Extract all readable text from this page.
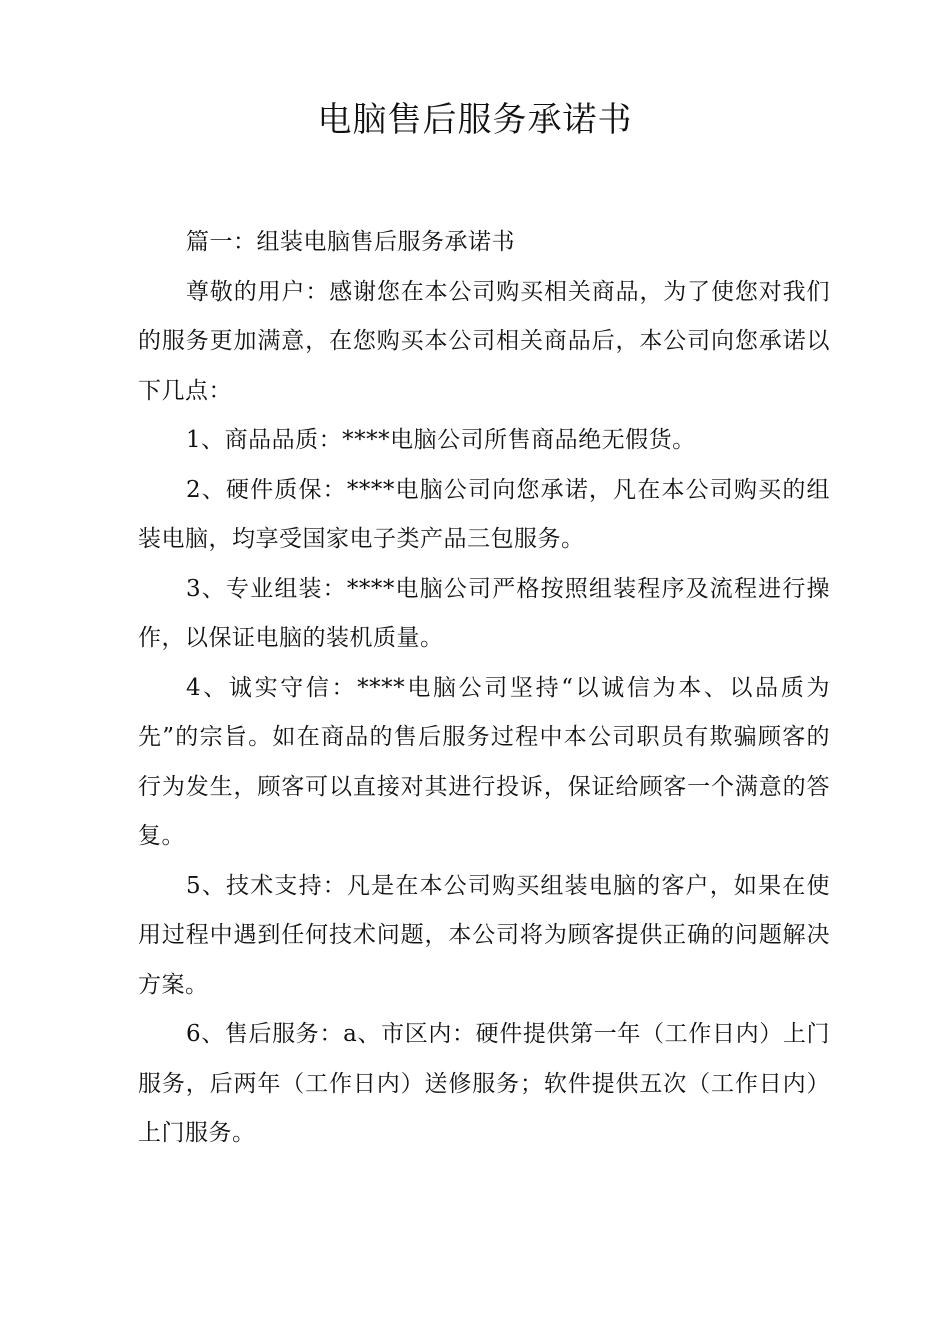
电脑售后服务承诺书

篇一：组装电脑售后服务承诺书

尊敬的用户：感谢您在本公司购买相关商品，为了使您对我们的服务更加满意，在您购买本公司相关商品后，本公司向您承诺以下几点：

1、商品品质：****电脑公司所售商品绝无假货。

2、硬件质保：****电脑公司向您承诺，凡在本公司购买的组装电脑，均享受国家电子类产品三包服务。

3、专业组装：****电脑公司严格按照组装程序及流程进行操作，以保证电脑的装机质量。

4、诚实守信：****电脑公司坚持“以诚信为本、以品质为先”的宗旨。如在商品的售后服务过程中本公司职员有欺骗顾客的行为发生，顾客可以直接对其进行投诉，保证给顾客一个满意的答复。

5、技术支持：凡是在本公司购买组装电脑的客户，如果在使用过程中遇到任何技术问题，本公司将为顾客提供正确的问题解决方案。

6、售后服务：a、市区内：硬件提供第一年（工作日内）上门服务，后两年（工作日内）送修服务；软件提供五次（工作日内）上门服务。
